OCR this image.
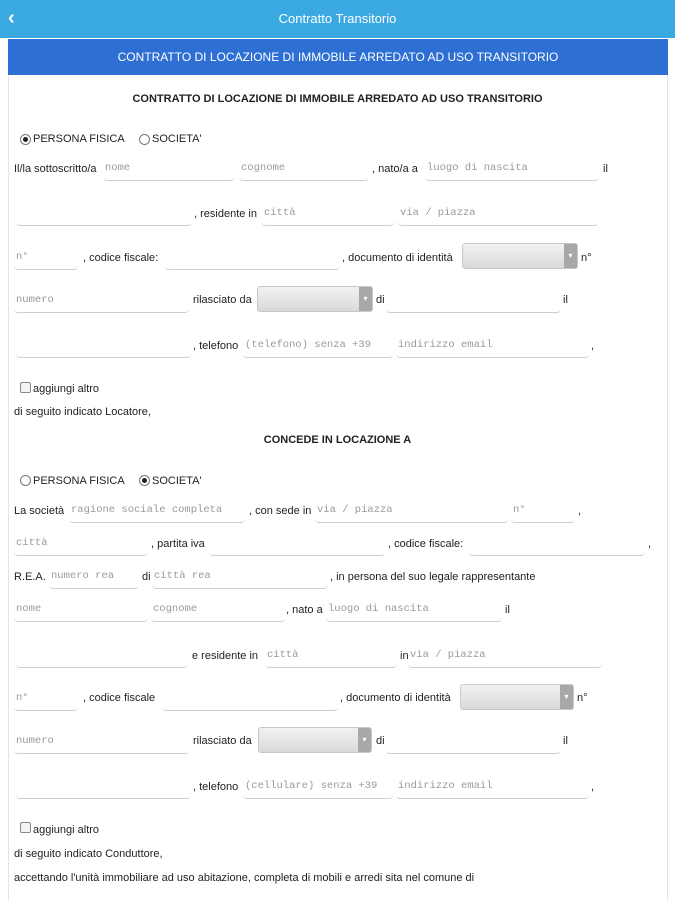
‹	Contratto Transitorio
CONTRATTO DI LOCAZIONE DI IMMOBILE ARREDATO AD USO TRANSITORIO
CONTRATTO DI LOCAZIONE DI IMMOBILE ARREDATO AD USO TRANSITORIO
PERSONA FISICA SOCIETA'
Il/la sottoscritto/a
nome
cognome	, nato/a a
luogo di nascita	il
, residente in
città
via / piazza
n°
, codice fiscale:	, documento di identità	▾ n°
numero
rilasciato da	▾ di	il
, telefono
(telefono) senza +39
indirizzo email	,
aggiungi altro
di seguito indicato Locatore,
CONCEDE IN LOCAZIONE A
PERSONA FISICA SOCIETA'
La società
ragione sociale completa	, con sede in
via / piazza
n°	,
città
, partita iva	, codice fiscale:	,
R.E.A.
numero rea	di
città rea	, in persona del suo legale rappresentante
nome
cognome
, nato a
luogo di nascita	il
e residente in
città	in
via / piazza
n°
, codice fiscale	, documento di identità	▾ n°
numero
rilasciato da	▾ di	il
, telefono
(cellulare) senza +39
indirizzo email	,
aggiungi altro
di seguito indicato Conduttore,
accettando l'unità immobiliare ad uso abitazione, completa di mobili e arredi sita nel comune di
